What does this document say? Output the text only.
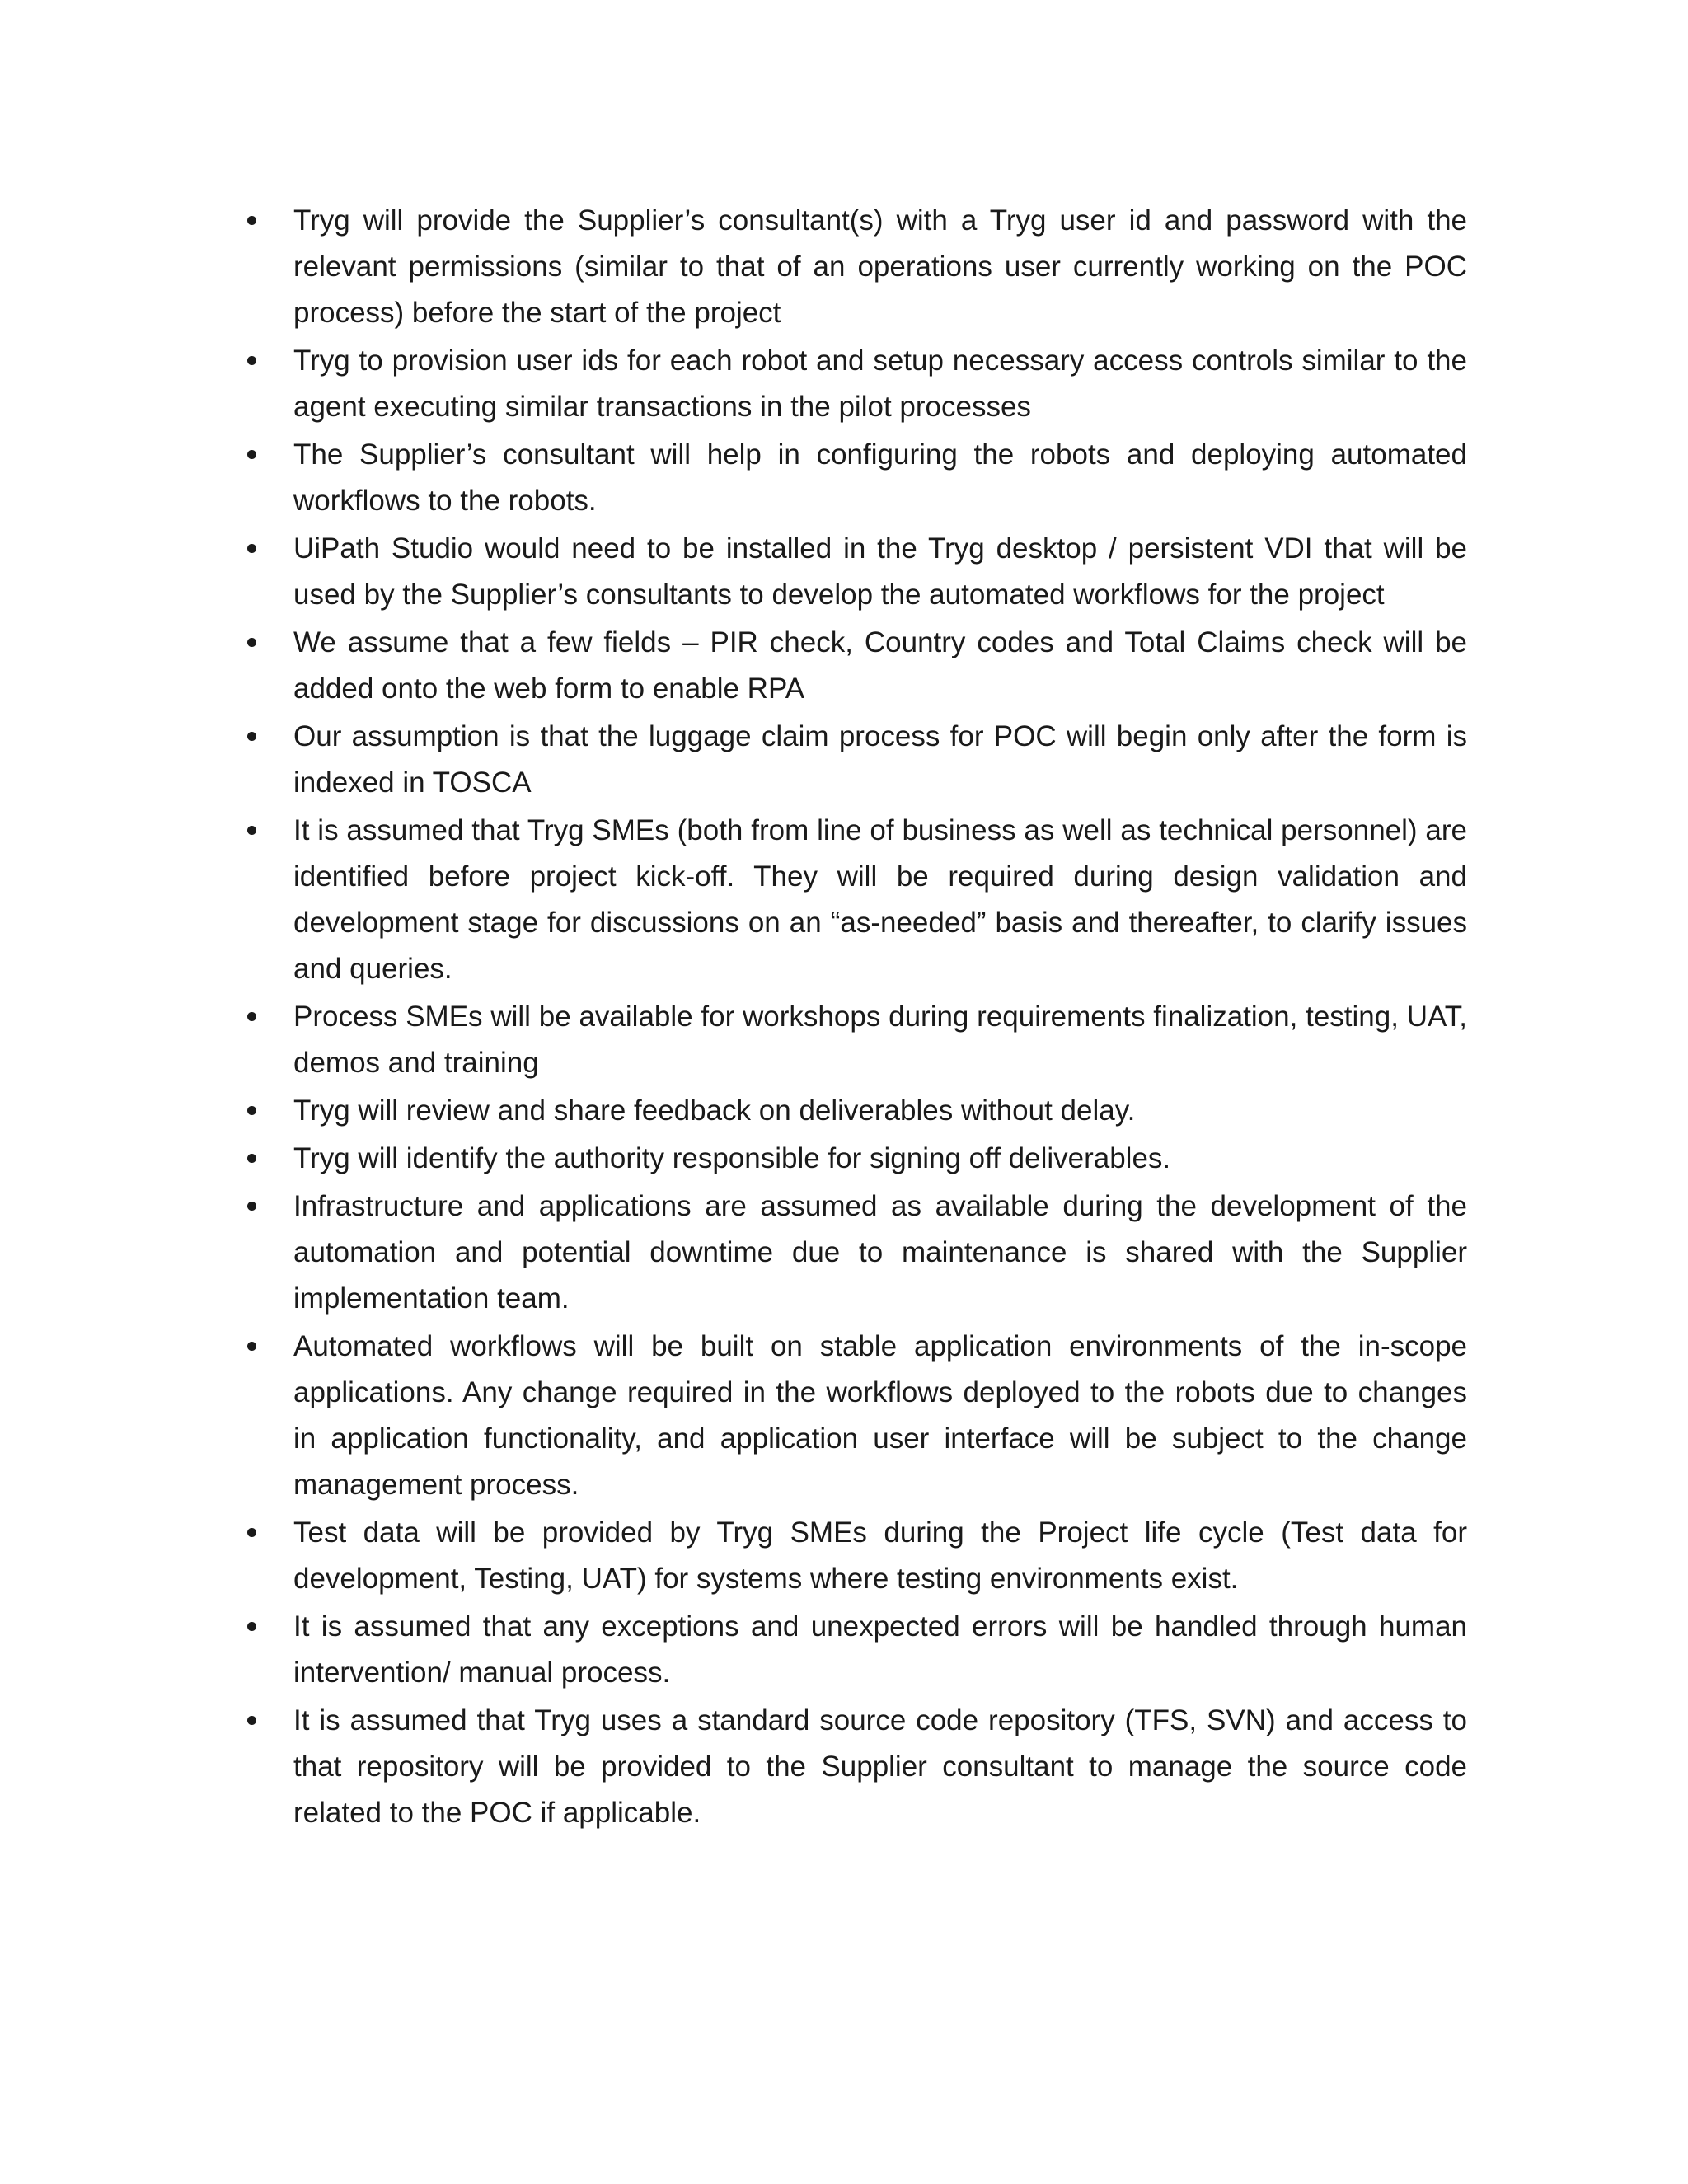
Tryg will provide the Supplier’s consultant(s) with a Tryg user id and password with the relevant permissions (similar to that of an operations user currently working on the POC process) before the start of the project
Tryg to provision user ids for each robot and setup necessary access controls similar to the agent executing similar transactions in the pilot processes
The Supplier’s consultant will help in configuring the robots and deploying automated workflows to the robots.
UiPath Studio would need to be installed in the Tryg desktop / persistent VDI that will be used by the Supplier’s consultants to develop the automated workflows for the project
We assume that a few fields – PIR check, Country codes and Total Claims check will be added onto the web form to enable RPA
Our assumption is that the luggage claim process for POC will begin only after the form is indexed in TOSCA
It is assumed that Tryg SMEs (both from line of business as well as technical personnel) are identified before project kick-off. They will be required during design validation and development stage for discussions on an “as-needed” basis and thereafter, to clarify issues and queries.
Process SMEs will be available for workshops during requirements finalization, testing, UAT, demos and training
Tryg will review and share feedback on deliverables without delay.
Tryg will identify the authority responsible for signing off deliverables.
Infrastructure and applications are assumed as available during the development of the automation and potential downtime due to maintenance is shared with the Supplier implementation team.
Automated workflows will be built on stable application environments of the in-scope applications. Any change required in the workflows deployed to the robots due to changes in application functionality, and application user interface will be subject to the change management process.
Test data will be provided by Tryg SMEs during the Project life cycle (Test data for development, Testing, UAT) for systems where testing environments exist.
It is assumed that any exceptions and unexpected errors will be handled through human intervention/ manual process.
It is assumed that Tryg uses a standard source code repository (TFS, SVN) and access to that repository will be provided to the Supplier consultant to manage the source code related to the POC if applicable.
